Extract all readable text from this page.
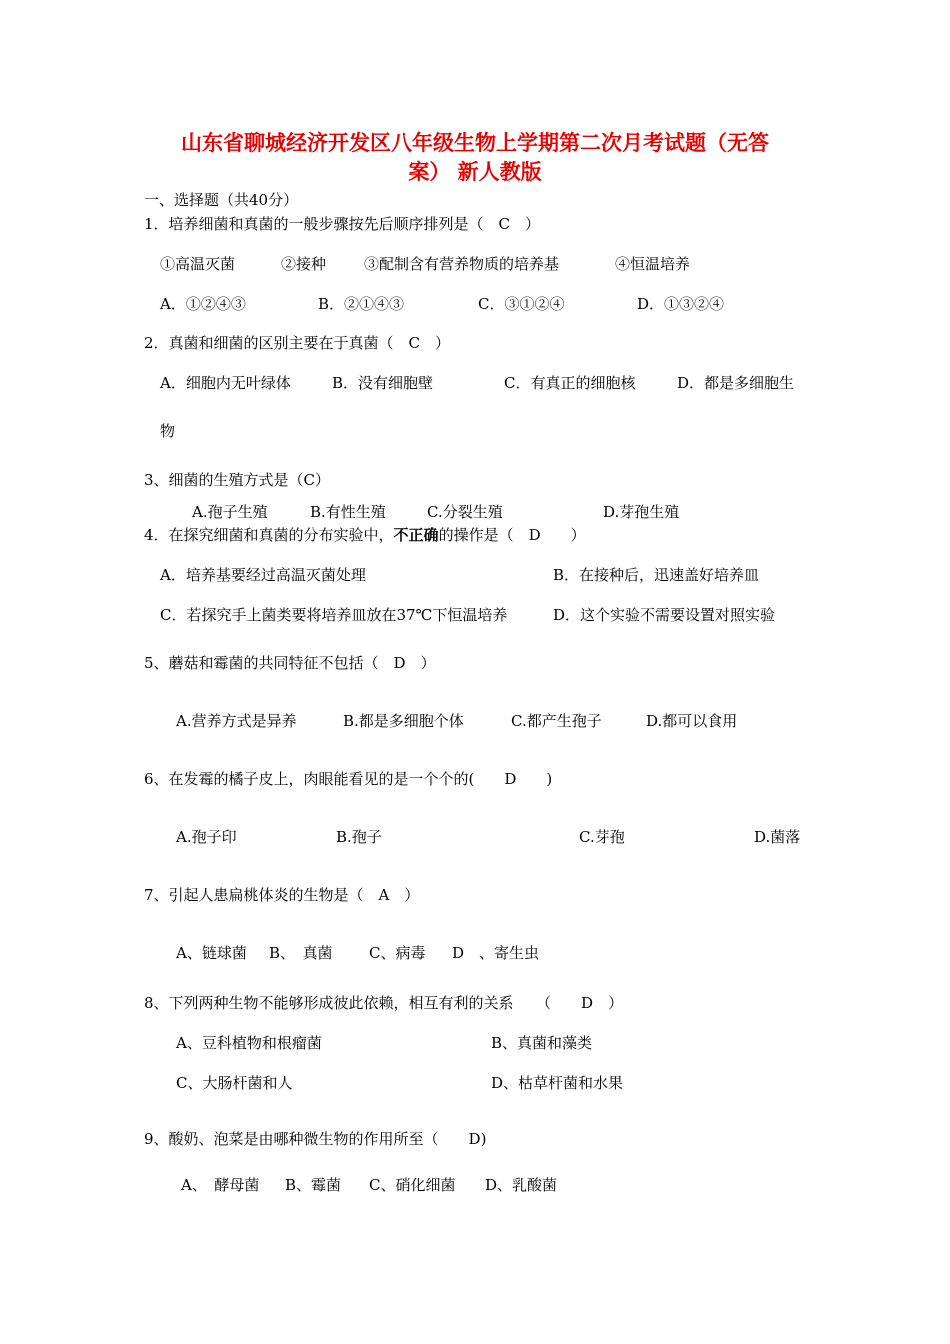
山东省聊城经济开发区八年级生物上学期第二次月考试题（无答
案） 新人教版
一、选择题（共40分）
1．培养细菌和真菌的一般步骤按先后顺序排列是（　C　）
①高温灭菌	②接种	③配制含有营养物质的培养基	④恒温培养
A．①②④③	B．②①④③	C．③①②④	D．①③②④
2．真菌和细菌的区别主要在于真菌（　C　）
A．细胞内无叶绿体	B．没有细胞壁	C．有真正的细胞核	D．都是多细胞生
物
3、细菌的生殖方式是（C）
A.孢子生殖	B.有性生殖	C.分裂生殖	D.芽孢生殖
4．在探究细菌和真菌的分布实验中，不正确的操作是（　D　　）
A．培养基要经过高温灭菌处理	B．在接种后，迅速盖好培养皿
C．若探究手上菌类要将培养皿放在37℃下恒温培养	D．这个实验不需要设置对照实验
5、蘑菇和霉菌的共同特征不包括（　D　）
A.营养方式是异养	B.都是多细胞个体	C.都产生孢子	D.都可以食用
6、在发霉的橘子皮上，肉眼能看见的是一个个的(　　D　　)
A.孢子印	B.孢子	C.芽孢	D.菌落
7、引起人患扁桃体炎的生物是（　A　）
A、链球菌 B、　真菌 C、病毒 D　、寄生虫
8、下列两种生物不能够形成彼此依赖，相互有利的关系　　（　　D　）
A、豆科植物和根瘤菌	B、真菌和藻类
C、大肠杆菌和人	D、枯草杆菌和水果
9、酸奶、泡菜是由哪种微生物的作用所至（　　D)
A、　酵母菌 B、霉菌 C、硝化细菌 D、乳酸菌
